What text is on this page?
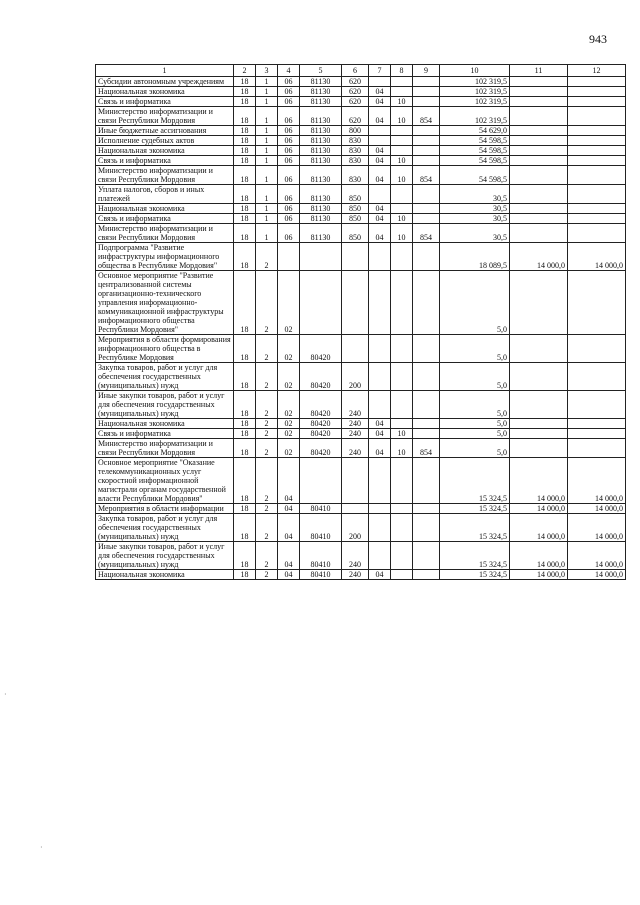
943
1	2	3	4	5	6	7	8	9	10	11	12
Субсидии автономным учреждениям	18	1	06	81130	620				102 319,5		
Национальная экономика	18	1	06	81130	620	04			102 319,5		
Связь и информатика	18	1	06	81130	620	04	10		102 319,5		
Министерство информатизации и связи Республики Мордовия	18	1	06	81130	620	04	10	854	102 319,5		
Иные бюджетные ассигнования	18	1	06	81130	800				54 629,0		
Исполнение судебных актов	18	1	06	81130	830				54 598,5		
Национальная экономика	18	1	06	81130	830	04			54 598,5		
Связь и информатика	18	1	06	81130	830	04	10		54 598,5		
Министерство информатизации и связи Республики Мордовия	18	1	06	81130	830	04	10	854	54 598,5		
Уплата налогов, сборов и иных платежей	18	1	06	81130	850				30,5		
Национальная экономика	18	1	06	81130	850	04			30,5		
Связь и информатика	18	1	06	81130	850	04	10		30,5		
Министерство информатизации и связи Республики Мордовия	18	1	06	81130	850	04	10	854	30,5		
Подпрограмма "Развитие инфраструктуры информационного общества в Республике Мордовия"	18	2							18 089,5	14 000,0	14 000,0
Основное мероприятие "Развитие централизованной системы организационно-технического управления информационно-коммуникационной инфраструктуры информационного общества Республики Мордовия"	18	2	02						5,0		
Мероприятия в области формирования информационного общества в Республике Мордовия	18	2	02	80420					5,0		
Закупка товаров, работ и услуг для обеспечения государственных (муниципальных) нужд	18	2	02	80420	200				5,0		
Иные закупки товаров, работ и услуг для обеспечения государственных (муниципальных) нужд	18	2	02	80420	240				5,0		
Национальная экономика	18	2	02	80420	240	04			5,0		
Связь и информатика	18	2	02	80420	240	04	10		5,0		
Министерство информатизации и связи Республики Мордовия	18	2	02	80420	240	04	10	854	5,0		
Основное мероприятие "Оказание телекоммуникационных услуг скоростной информационной магистрали органам государственной власти Республики Мордовия"	18	2	04						15 324,5	14 000,0	14 000,0
Мероприятия в области информации	18	2	04	80410					15 324,5	14 000,0	14 000,0
Закупка товаров, работ и услуг для обеспечения государственных (муниципальных) нужд	18	2	04	80410	200				15 324,5	14 000,0	14 000,0
Иные закупки товаров, работ и услуг для обеспечения государственных (муниципальных) нужд	18	2	04	80410	240				15 324,5	14 000,0	14 000,0
Национальная экономика	18	2	04	80410	240	04			15 324,5	14 000,0	14 000,0
·
·
